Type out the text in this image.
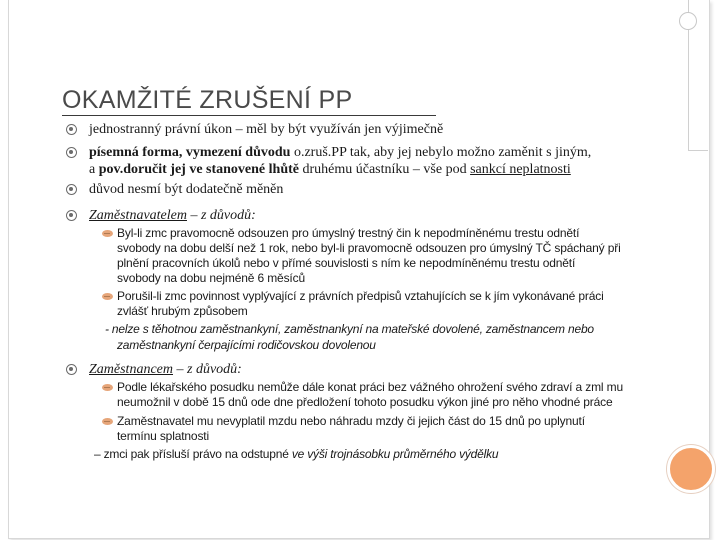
OKAMŽITÉ ZRUŠENÍ PP
jednostranný právní úkon – měl by být využíván jen výjimečně
písemná forma, vymezení důvodu o.zruš.PP tak, aby jej nebylo možno zaměnit s jiným,
a pov.doručit jej ve stanovené lhůtě druhému účastníku – vše pod sankcí neplatnosti
důvod nesmí být dodatečně měněn
Zaměstnavatelem – z důvodů:
Byl-li zmc pravomocně odsouzen pro úmyslný trestný čin k nepodmíněnému trestu odnětí
svobody na dobu delší než 1 rok, nebo byl-li pravomocně odsouzen pro úmyslný TČ spáchaný při
plnění pracovních úkolů nebo v přímé souvislosti s ním ke nepodmíněnému trestu odnětí
svobody na dobu nejméně 6 měsíců
Porušil-li zmc povinnost vyplývající z právních předpisů vztahujících se k jím vykonávané práci
zvlášť hrubým způsobem
- nelze s těhotnou zaměstnankyní, zaměstnankyní na mateřské dovolené, zaměstnancem nebo
zaměstnankyní čerpajícími rodičovskou dovolenou
Zaměstnancem – z důvodů:
Podle lékařského posudku nemůže dále konat práci bez vážného ohrožení svého zdraví a zml mu
neumožnil v době 15 dnů ode dne předložení tohoto posudku výkon jiné pro něho vhodné práce
Zaměstnavatel mu nevyplatil mzdu nebo náhradu mzdy či jejich část do 15 dnů po uplynutí
termínu splatnosti
– zmci pak přísluší právo na odstupné ve výši trojnásobku průměrného výdělku
